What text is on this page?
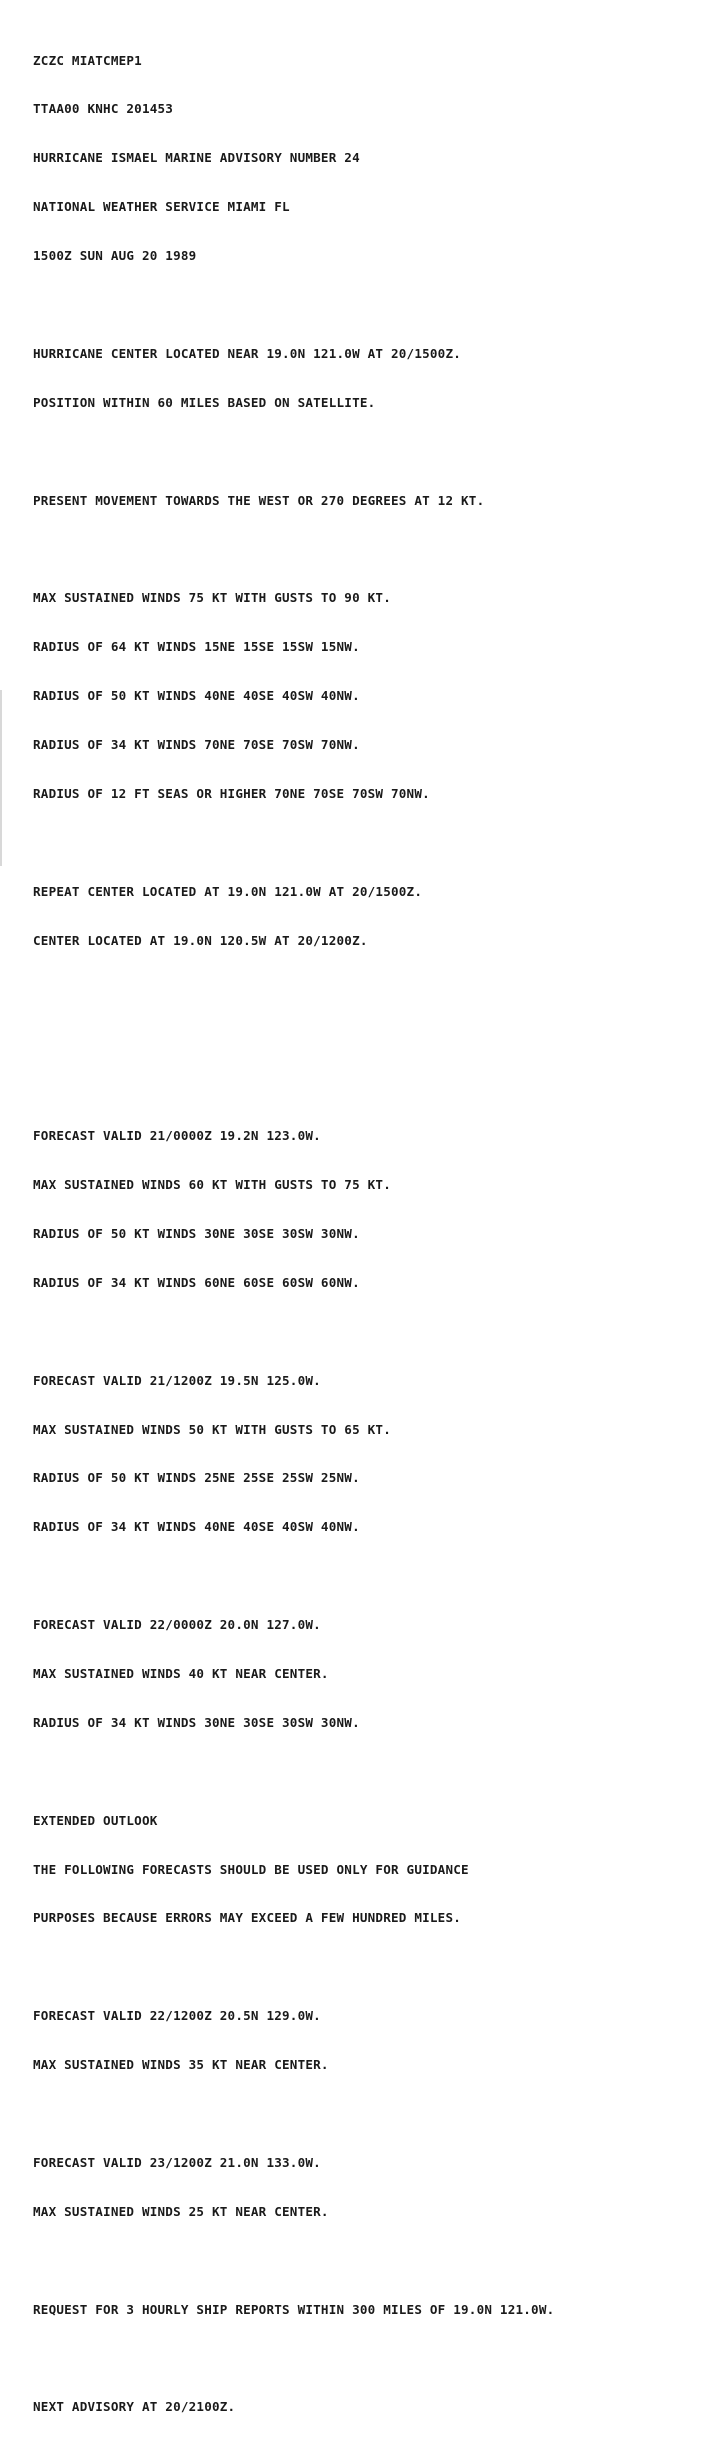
ZCZC MIATCMEP1

TTAA00 KNHC 201453

HURRICANE ISMAEL MARINE ADVISORY NUMBER 24

NATIONAL WEATHER SERVICE MIAMI FL

1500Z SUN AUG 20 1989

HURRICANE CENTER LOCATED NEAR 19.0N 121.0W AT 20/1500Z.

POSITION WITHIN 60 MILES BASED ON SATELLITE.

PRESENT MOVEMENT TOWARDS THE WEST OR 270 DEGREES AT 12 KT.

MAX SUSTAINED WINDS 75 KT WITH GUSTS TO 90 KT.

RADIUS OF 64 KT WINDS 15NE 15SE 15SW 15NW.

RADIUS OF 50 KT WINDS 40NE 40SE 40SW 40NW.

RADIUS OF 34 KT WINDS 70NE 70SE 70SW 70NW.

RADIUS OF 12 FT SEAS OR HIGHER 70NE 70SE 70SW 70NW.

REPEAT CENTER LOCATED AT 19.0N 121.0W AT 20/1500Z.

CENTER LOCATED AT 19.0N 120.5W AT 20/1200Z.

FORECAST VALID 21/0000Z 19.2N 123.0W.

MAX SUSTAINED WINDS 60 KT WITH GUSTS TO 75 KT.

RADIUS OF 50 KT WINDS 30NE 30SE 30SW 30NW.

RADIUS OF 34 KT WINDS 60NE 60SE 60SW 60NW.

FORECAST VALID 21/1200Z 19.5N 125.0W.

MAX SUSTAINED WINDS 50 KT WITH GUSTS TO 65 KT.

RADIUS OF 50 KT WINDS 25NE 25SE 25SW 25NW.

RADIUS OF 34 KT WINDS 40NE 40SE 40SW 40NW.

FORECAST VALID 22/0000Z 20.0N 127.0W.

MAX SUSTAINED WINDS 40 KT NEAR CENTER.

RADIUS OF 34 KT WINDS 30NE 30SE 30SW 30NW.

EXTENDED OUTLOOK

THE FOLLOWING FORECASTS SHOULD BE USED ONLY FOR GUIDANCE

PURPOSES BECAUSE ERRORS MAY EXCEED A FEW HUNDRED MILES.

FORECAST VALID 22/1200Z 20.5N 129.0W.

MAX SUSTAINED WINDS 35 KT NEAR CENTER.

FORECAST VALID 23/1200Z 21.0N 133.0W.

MAX SUSTAINED WINDS 25 KT NEAR CENTER.

REQUEST FOR 3 HOURLY SHIP REPORTS WITHIN 300 MILES OF 19.0N 121.0W.

NEXT ADVISORY AT 20/2100Z.
